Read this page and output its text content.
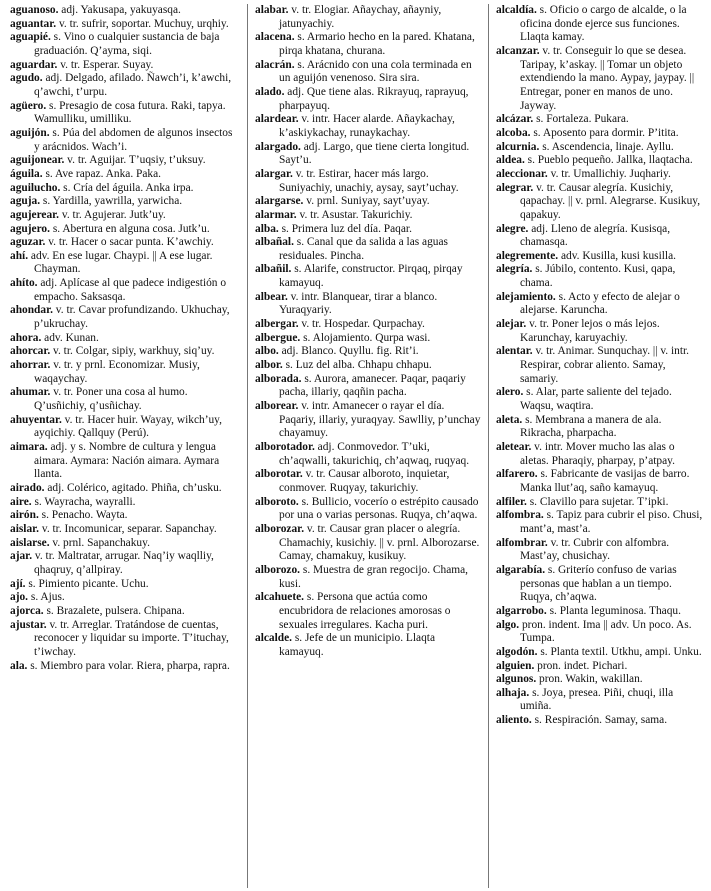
aguanoso. adj. Yakusapa, yakuyasqa.

aguantar. v. tr. sufrir, soportar. Muchuy, urqhiy.

aguapié. s. Vino o cualquier sustancia de baja graduación. Q’ayma, siqi.

aguardar. v. tr. Esperar. Suyay.

agudo. adj. Delgado, afilado. Ñawch’i, k’awchi, q’awchi, t’urpu.

agüero. s. Presagio de cosa futura. Raki, tapya. Wamulliku, umilliku.

aguijón. s. Púa del abdomen de algunos insectos y arácnidos. Wach’i.

aguijonear. v. tr. Aguijar. T’uqsiy, t’uksuy.

águila. s. Ave rapaz. Anka. Paka.

aguilucho. s. Cría del águila. Anka irpa.

aguja. s. Yardilla, yawrilla, yarwicha.

agujerear. v. tr. Agujerar. Jutk’uy.

agujero. s. Abertura en alguna cosa. Jutk’u.

aguzar. v. tr. Hacer o sacar punta. K’awchiy.

ahí. adv. En ese lugar. Chaypi. || A ese lugar. Chayman.

ahíto. adj. Aplícase al que padece indigestión o empacho. Saksasqa.

ahondar. v. tr. Cavar profundizando. Ukhuchay, p’ukruchay.

ahora. adv. Kunan.

ahorcar. v. tr. Colgar, sipiy, warkhuy, siq’uy.

ahorrar. v. tr. y prnl. Economizar. Musiy, waqaychay.

ahumar. v. tr. Poner una cosa al humo. Q’usñichiy, q’usñichay.

ahuyentar. v. tr. Hacer huir. Wayay, wikch’uy, ayqichiy. Qallquy (Perú).

aimara. adj. y s. Nombre de cultura y lengua aimara. Aymara: Nación aimara. Aymara llanta.

airado. adj. Colérico, agitado. Phiña, ch’usku.

aire. s. Wayracha, wayralli.

airón. s. Penacho. Wayta.

aislar. v. tr. Incomunicar, separar. Sapanchay.

aislarse. v. prnl. Sapanchakuy.

ajar. v. tr. Maltratar, arrugar. Naq’iy waqlliy, qhaqruy, q’allpiray.

ají. s. Pimiento picante. Uchu.

ajo. s. Ajus.

ajorca. s. Brazalete, pulsera. Chipana.

ajustar. v. tr. Arreglar. Tratándose de cuentas, reconocer y liquidar su importe. T’ituchay, t’iwchay.

ala. s. Miembro para volar. Riera, pharpa, rapra.

alabar. v. tr. Elogiar. Añaychay, añayniy, jatunyachiy.

alacena. s. Armario hecho en la pared. Khatana, pirqa khatana, churana.

alacrán. s. Arácnido con una cola terminada en un aguijón venenoso. Sira sira.

alado. adj. Que tiene alas. Rikrayuq, raprayuq, pharpayuq.

alardear. v. intr. Hacer alarde. Añaykachay, k’askiykachay, runaykachay.

alargado. adj. Largo, que tiene cierta longitud. Sayt’u.

alargar. v. tr. Estirar, hacer más largo. Suniyachiy, unachiy, aysay, sayt’uchay.

alargarse. v. prnl. Suniyay, sayt’uyay.

alarmar. v. tr. Asustar. Takurichiy.

alba. s. Primera luz del día. Paqar.

albañal. s. Canal que da salida a las aguas residuales. Pincha.

albañil. s. Alarife, constructor. Pirqaq, pirqay kamayuq.

albear. v. intr. Blanquear, tirar a blanco. Yuraqyariy.

albergar. v. tr. Hospedar. Qurpachay.

albergue. s. Alojamiento. Qurpa wasi.

albo. adj. Blanco. Quyllu. fig. Rit’i.

albor. s. Luz del alba. Chhapu chhapu.

alborada. s. Aurora, amanecer. Paqar, paqariy pacha, illariy, qaqñin pacha.

alborear. v. intr. Amanecer o rayar el día. Paqariy, illariy, yuraqyay. Sawlliy, p’unchay chayamuy.

alborotador. adj. Conmovedor. T’uki, ch’aqwalli, takurichiq, ch’aqwaq, ruqyaq.

alborotar. v. tr. Causar alboroto, inquietar, conmover. Ruqyay, takurichiy.

alboroto. s. Bullicio, vocerío o estrépito causado por una o varias personas. Ruqya, ch’aqwa.

alborozar. v. tr. Causar gran placer o alegría. Chamachiy, kusichiy. || v. prnl. Alborozarse. Camay, chamakuy, kusikuy.

alborozo. s. Muestra de gran regocijo. Chama, kusi.

alcahuete. s. Persona que actúa como encubridora de relaciones amorosas o sexuales irregulares. Kacha puri.

alcalde. s. Jefe de un municipio. Llaqta kamayuq.

alcaldía. s. Oficio o cargo de alcalde, o la oficina donde ejerce sus funciones. Llaqta kamay.

alcanzar. v. tr. Conseguir lo que se desea. Taripay, k’askay. || Tomar un objeto extendiendo la mano. Aypay, jaypay. || Entregar, poner en manos de uno. Jayway.

alcázar. s. Fortaleza. Pukara.

alcoba. s. Aposento para dormir. P’itita.

alcurnia. s. Ascendencia, linaje. Ayllu.

aldea. s. Pueblo pequeño. Jallka, llaqtacha.

aleccionar. v. tr. Umallichiy. Juqhariy.

alegrar. v. tr. Causar alegría. Kusichiy, qapachay. || v. prnl. Alegrarse. Kusikuy, qapakuy.

alegre. adj. Lleno de alegría. Kusisqa, chamasqa.

alegremente. adv. Kusilla, kusi kusilla.

alegría. s. Júbilo, contento. Kusi, qapa, chama.

alejamiento. s. Acto y efecto de alejar o alejarse. Karuncha.

alejar. v. tr. Poner lejos o más lejos. Karunchay, karuyachiy.

alentar. v. tr. Animar. Sunquchay. || v. intr. Respirar, cobrar aliento. Samay, samariy.

alero. s. Alar, parte saliente del tejado. Waqsu, waqtira.

aleta. s. Membrana a manera de ala. Rikracha, pharpacha.

aletear. v. intr. Mover mucho las alas o aletas. Pharaqiy, pharpay, p’atpay.

alfarero. s. Fabricante de vasijas de barro. Manka llut’aq, saño kamayuq.

alfiler. s. Clavillo para sujetar. T’ipki.

alfombra. s. Tapiz para cubrir el piso. Chusi, mant’a, mast’a.

alfombrar. v. tr. Cubrir con alfombra. Mast’ay, chusichay.

algarabía. s. Griterío confuso de varias personas que hablan a un tiempo. Ruqya, ch’aqwa.

algarrobo. s. Planta leguminosa. Thaqu.

algo. pron. indent. Ima || adv. Un poco. As. Tumpa.

algodón. s. Planta textil. Utkhu, ampi. Unku.

alguien. pron. indet. Pichari.

algunos. pron. Wakin, wakillan.

alhaja. s. Joya, presea. Piñi, chuqi, illa umiña.

aliento. s. Respiración. Samay, sama.
